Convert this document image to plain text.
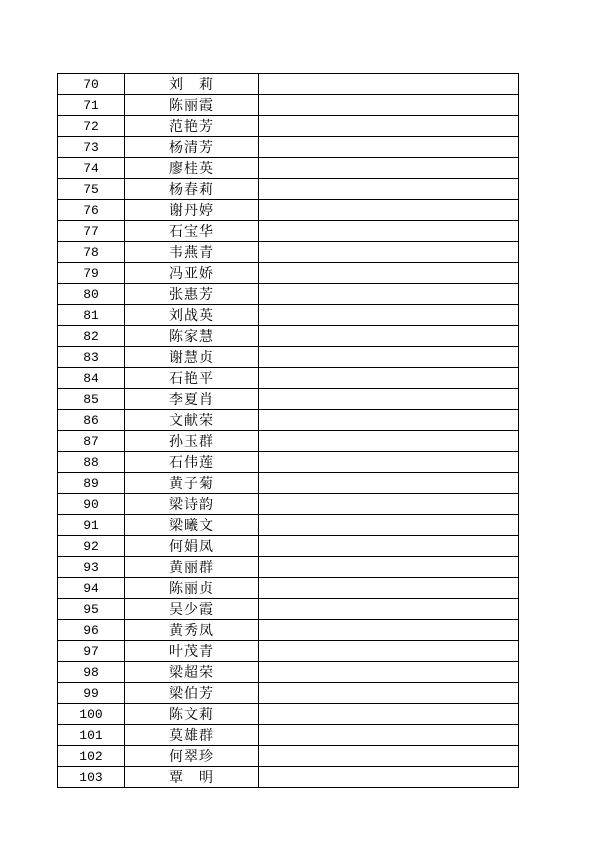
70	刘　莉	
71	陈丽霞	
72	范艳芳	
73	杨清芳	
74	廖桂英	
75	杨春莉	
76	谢丹婷	
77	石宝华	
78	韦燕青	
79	冯亚娇	
80	张惠芳	
81	刘战英	
82	陈家慧	
83	谢慧贞	
84	石艳平	
85	李夏肖	
86	文献荣	
87	孙玉群	
88	石伟莲	
89	黄子菊	
90	梁诗韵	
91	梁曦文	
92	何娟凤	
93	黄丽群	
94	陈丽贞	
95	吴少霞	
96	黄秀凤	
97	叶茂青	
98	梁超荣	
99	梁伯芳	
100	陈文莉	
101	莫雄群	
102	何翠珍	
103	覃　明	
